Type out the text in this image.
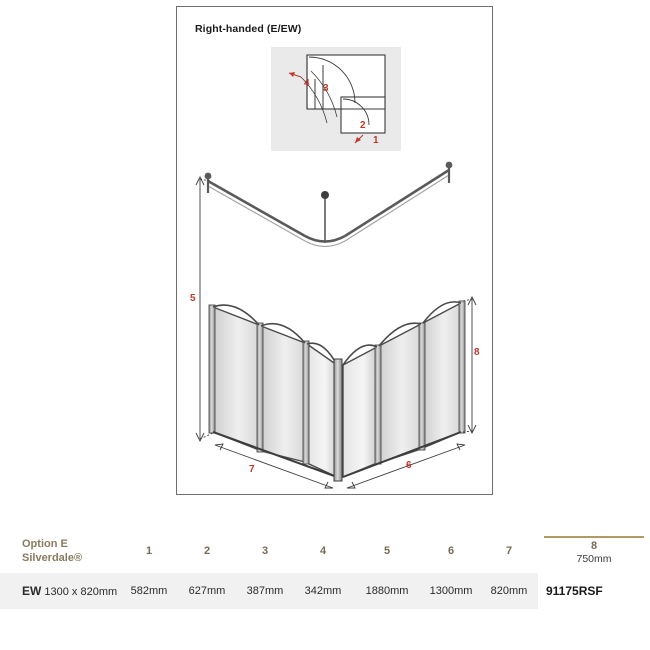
Right-handed (E/EW)
1
2
3
4
5
6
7
8
Option E
Silverdale®	1	2	3	4	5	6	7	8
750mm

EW 1300 x 820mm	582mm	627mm	387mm	342mm	1880mm	1300mm	820mm	91175RSF
